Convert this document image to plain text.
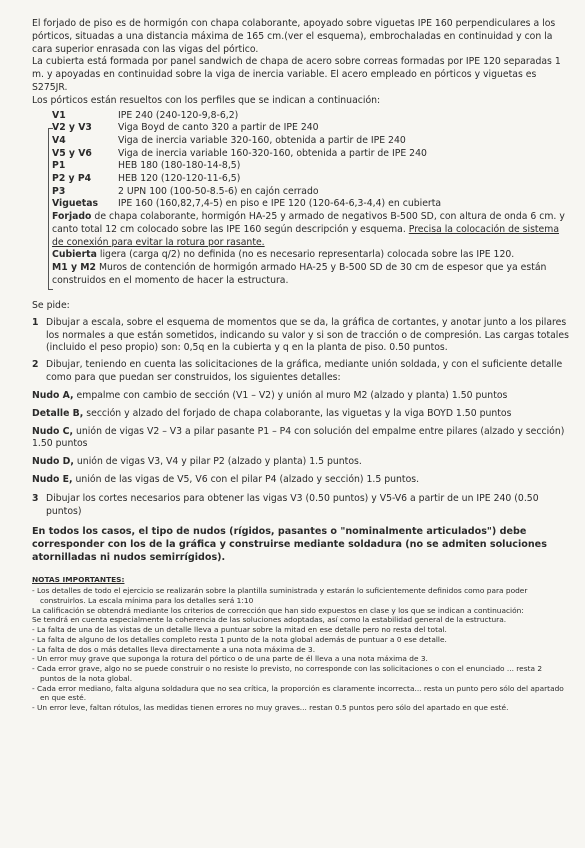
El forjado de piso es de hormigón con chapa colaborante, apoyado sobre viguetas IPE 160 perpendiculares a los pórticos, situadas a una distancia máxima de 165 cm.(ver el esquema), embrochaladas en continuidad y con la cara superior enrasada con las vigas del pórtico.

La cubierta está formada por panel sandwich de chapa de acero sobre correas formadas por IPE 120 separadas 1 m. y apoyadas en continuidad sobre la viga de inercia variable. El acero empleado en pórticos y viguetas es S275JR.

Los pórticos están resueltos con los perfiles que se indican a continuación:

V1	IPE 240 (240-120-9,8-6,2)
V2 y V3	Viga Boyd de canto 320 a partir de IPE 240
V4	Viga de inercia variable 320-160, obtenida a partir de IPE 240
V5 y V6	Viga de inercia variable 160-320-160, obtenida a partir de IPE 240
P1	HEB 180 (180-180-14-8,5)
P2 y P4	HEB 120 (120-120-11-6,5)
P3	2 UPN 100 (100-50-8.5-6) en cajón cerrado
Viguetas	IPE 160 (160,82,7,4-5) en piso e IPE 120 (120-64-6,3-4,4) en cubierta
Forjado de chapa colaborante, hormigón HA-25 y armado de negativos B-500 SD, con altura de onda 6 cm. y canto total 12 cm colocado sobre las IPE 160 según descripción y esquema. Precisa la colocación de sistema de conexión para evitar la rotura por rasante.
Cubierta ligera (carga q/2) no definida (no es necesario representarla) colocada sobre las IPE 120.
M1 y M2 Muros de contención de hormigón armado HA-25 y B-500 SD de 30 cm de espesor que ya están construidos en el momento de hacer la estructura.
Se pide:

1 Dibujar a escala, sobre el esquema de momentos que se da, la gráfica de cortantes, y anotar junto a los pilares los normales a que están sometidos, indicando su valor y si son de tracción o de compresión. Las cargas totales (incluido el peso propio) son: 0,5q en la cubierta y q en la planta de piso. 0.50 puntos.

2 Dibujar, teniendo en cuenta las solicitaciones de la gráfica, mediante unión soldada, y con el suficiente detalle como para que puedan ser construidos, los siguientes detalles:

Nudo A, empalme con cambio de sección (V1 – V2) y unión al muro M2 (alzado y planta) 1.50 puntos

Detalle B, sección y alzado del forjado de chapa colaborante, las viguetas y la viga BOYD 1.50 puntos

Nudo C, unión de vigas V2 – V3 a pilar pasante P1 – P4 con solución del empalme entre pilares (alzado y sección) 1.50 puntos

Nudo D, unión de vigas V3, V4 y pilar P2 (alzado y planta) 1.5 puntos.

Nudo E, unión de las vigas de V5, V6 con el pilar P4 (alzado y sección) 1.5 puntos.

3 Dibujar los cortes necesarios para obtener las vigas V3 (0.50 puntos) y V5-V6 a partir de un IPE 240 (0.50 puntos)

En todos los casos, el tipo de nudos (rígidos, pasantes o "nominalmente articulados") debe corresponder con los de la gráfica y construirse mediante soldadura (no se admiten soluciones atornilladas ni nudos semirrígidos).

NOTAS IMPORTANTES:
- Los detalles de todo el ejercicio se realizarán sobre la plantilla suministrada y estarán lo suficientemente definidos como para poder construirlos. La escala mínima para los detalles será 1:10
La calificación se obtendrá mediante los criterios de corrección que han sido expuestos en clase y los que se indican a continuación:
Se tendrá en cuenta especialmente la coherencia de las soluciones adoptadas, así como la estabilidad general de la estructura.
- La falta de una de las vistas de un detalle lleva a puntuar sobre la mitad en ese detalle pero no resta del total.
- La falta de alguno de los detalles completo resta 1 punto de la nota global además de puntuar a 0 ese detalle.
- La falta de dos o más detalles lleva directamente a una nota máxima de 3.
- Un error muy grave que suponga la rotura del pórtico o de una parte de él lleva a una nota máxima de 3.
- Cada error grave, algo no se puede construir o no resiste lo previsto, no corresponde con las solicitaciones o con el enunciado ... resta 2 puntos de la nota global.
- Cada error mediano, falta alguna soldadura que no sea crítica, la proporción es claramente incorrecta... resta un punto pero sólo del apartado en que esté.
- Un error leve, faltan rótulos, las medidas tienen errores no muy graves... restan 0.5 puntos pero sólo del apartado en que esté.
